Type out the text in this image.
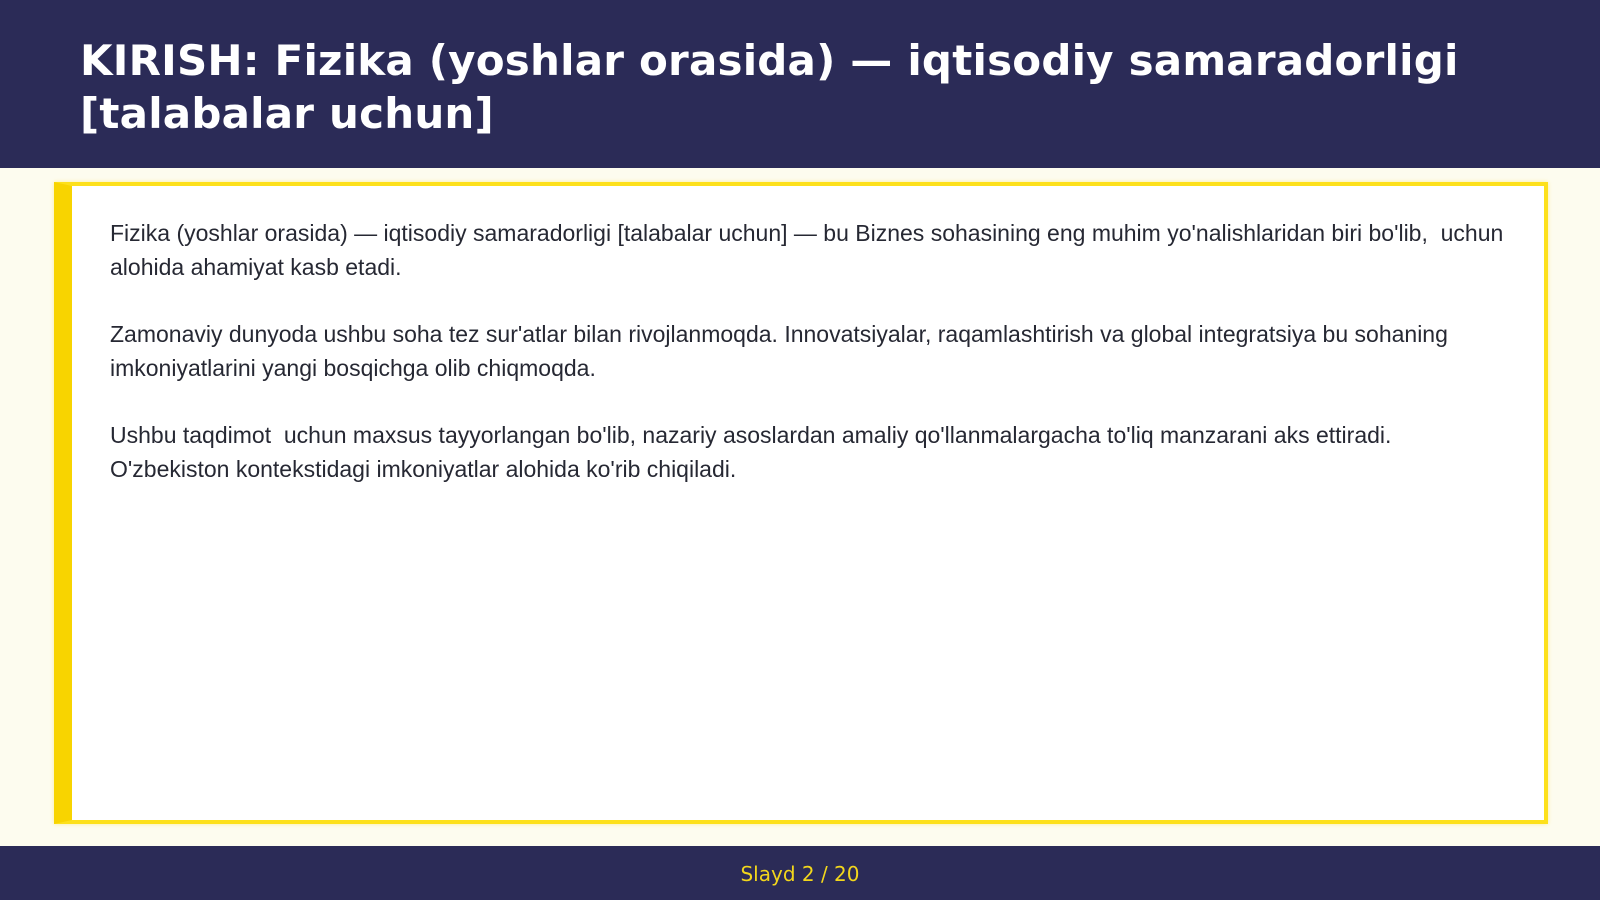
KIRISH: Fizika (yoshlar orasida) — iqtisodiy samaradorligi [talabalar uchun]

Fizika (yoshlar orasida) — iqtisodiy samaradorligi [talabalar uchun] — bu Biznes sohasining eng muhim yo'nalishlaridan biri bo'lib,  uchun alohida ahamiyat kasb etadi.

Zamonaviy dunyoda ushbu soha tez sur'atlar bilan rivojlanmoqda. Innovatsiyalar, raqamlashtirish va global integratsiya bu sohaning imkoniyatlarini yangi bosqichga olib chiqmoqda.

Ushbu taqdimot  uchun maxsus tayyorlangan bo'lib, nazariy asoslardan amaliy qo'llanmalargacha to'liq manzarani aks ettiradi. O'zbekiston kontekstidagi imkoniyatlar alohida ko'rib chiqiladi.

Slayd 2 / 20
